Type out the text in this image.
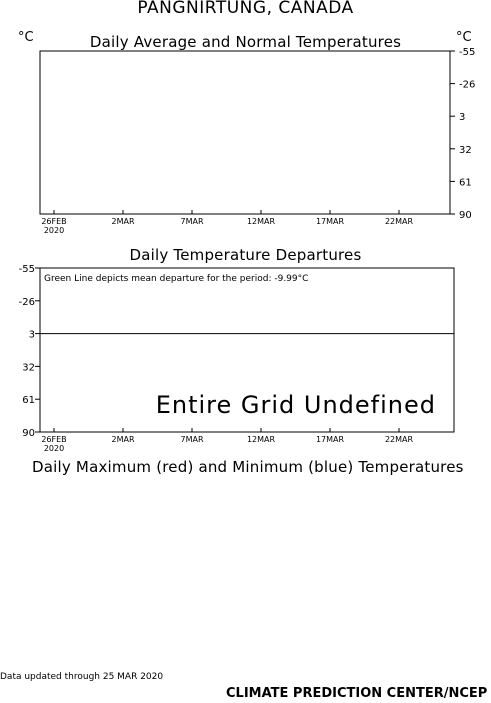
PANGNIRTUNG, CANADA
°C	°C
Daily Average and Normal Temperatures
Daily Temperature Departures
Daily Maximum (red) and Minimum (blue) Temperatures
-55
-26
3
32
61
90
26FEB
2020
2MAR	7MAR	12MAR	17MAR	22MAR
-55
-26
3
32
61
90
26FEB
2020
2MAR	7MAR	12MAR	17MAR	22MAR
Green Line depicts mean departure for the period: -9.99°C
Entire Grid Undefined
Data updated through 25 MAR 2020
CLIMATE PREDICTION CENTER/NCEP
